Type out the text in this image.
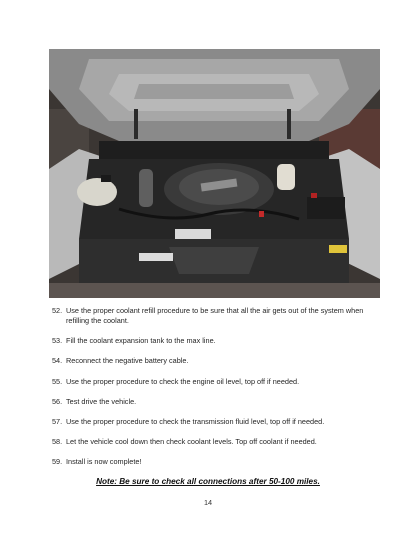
52. Use the proper coolant refill procedure to be sure that all the air gets out of the system when refilling the coolant.
53. Fill the coolant expansion tank to the max line.
54. Reconnect the negative battery cable.
55. Use the proper procedure to check the engine oil level, top off if needed.
56. Test drive the vehicle.
57. Use the proper procedure to check the transmission fluid level, top off if needed.
58. Let the vehicle cool down then check coolant levels. Top off coolant if needed.
59. Install is now complete!
Note: Be sure to check all connections after 50-100 miles.
14
